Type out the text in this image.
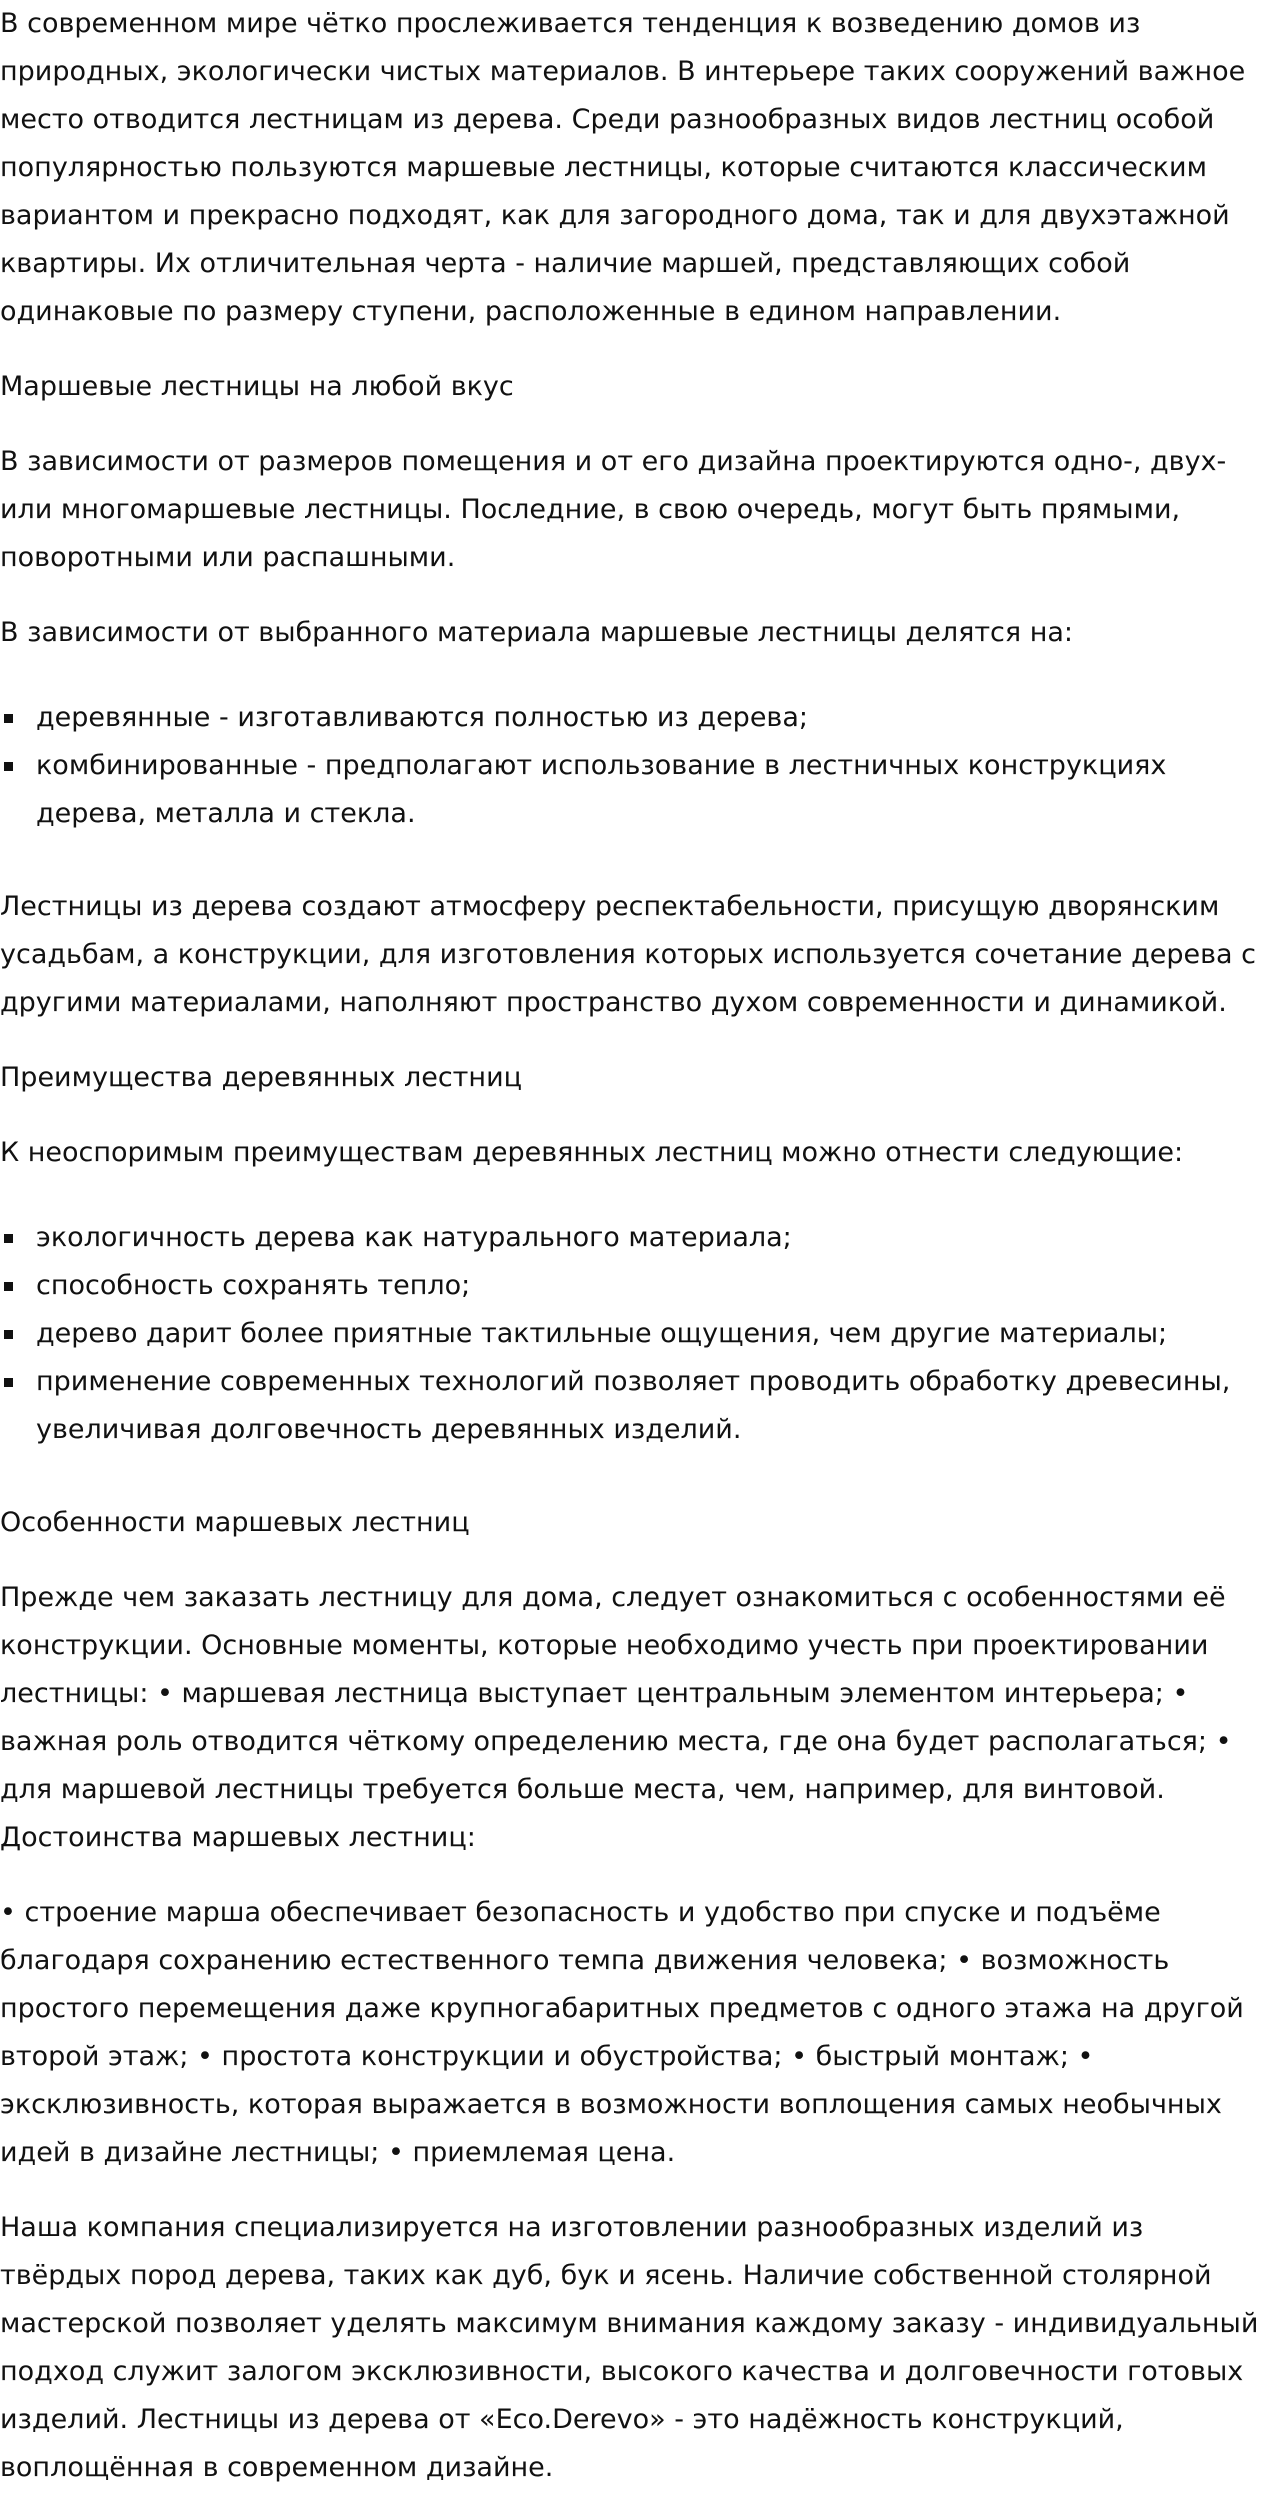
В современном мире чётко прослеживается тенденция к возведению домов из природных, экологически чистых материалов. В интерьере таких сооружений важное место отводится лестницам из дерева. Среди разнообразных видов лестниц особой популярностью пользуются маршевые лестницы, которые считаются классическим вариантом и прекрасно подходят, как для загородного дома, так и для двухэтажной квартиры. Их отличительная черта - наличие маршей, представляющих собой одинаковые по размеру ступени, расположенные в едином направлении.

Маршевые лестницы на любой вкус

В зависимости от размеров помещения и от его дизайна проектируются одно-, двух- или многомаршевые лестницы. Последние, в свою очередь, могут быть прямыми, поворотными или распашными.

В зависимости от выбранного материала маршевые лестницы делятся на:

деревянные - изготавливаются полностью из дерева;
комбинированные - предполагают использование в лестничных конструкциях дерева, металла и стекла.

Лестницы из дерева создают атмосферу респектабельности, присущую дворянским усадьбам, а конструкции, для изготовления которых используется сочетание дерева с другими материалами, наполняют пространство духом современности и динамикой.

Преимущества деревянных лестниц

К неоспоримым преимуществам деревянных лестниц можно отнести следующие:

экологичность дерева как натурального материала;
способность сохранять тепло;
дерево дарит более приятные тактильные ощущения, чем другие материалы;
применение современных технологий позволяет проводить обработку древесины, увеличивая долговечность деревянных изделий.
Особенности маршевых лестниц

Прежде чем заказать лестницу для дома, следует ознакомиться с особенностями её конструкции. Основные моменты, которые необходимо учесть при проектировании лестницы: • маршевая лестница выступает центральным элементом интерьера; • важная роль отводится чёткому определению места, где она будет располагаться; • для маршевой лестницы требуется больше места, чем, например, для винтовой. Достоинства маршевых лестниц:

• строение марша обеспечивает безопасность и удобство при спуске и подъёме благодаря сохранению естественного темпа движения человека; • возможность простого перемещения даже крупногабаритных предметов с одного этажа на другой второй этаж; • простота конструкции и обустройства; • быстрый монтаж; • эксклюзивность, которая выражается в возможности воплощения самых необычных идей в дизайне лестницы; • приемлемая цена.

Наша компания специализируется на изготовлении разнообразных изделий из твёрдых пород дерева, таких как дуб, бук и ясень. Наличие собственной столярной мастерской позволяет уделять максимум внимания каждому заказу - индивидуальный подход служит залогом эксклюзивности, высокого качества и долговечности готовых изделий. Лестницы из дерева от «Eco.Derevo» - это надёжность конструкций, воплощённая в современном дизайне.
